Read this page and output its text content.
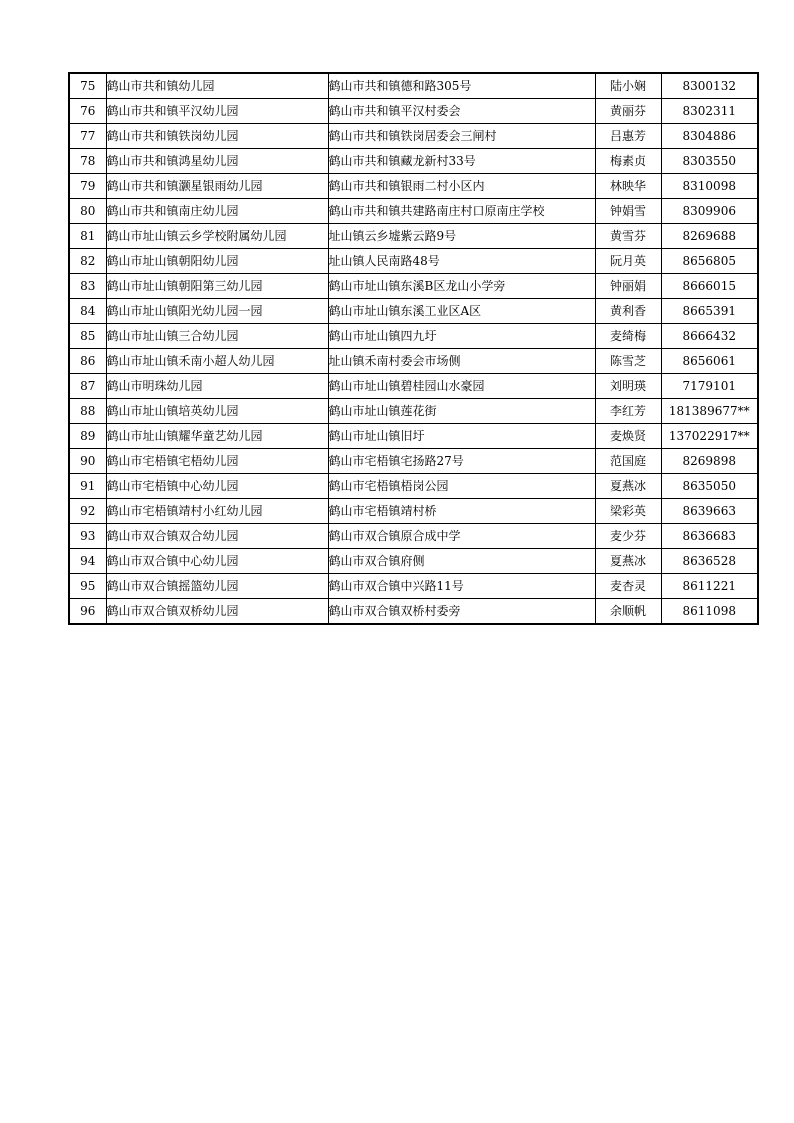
75	鹤山市共和镇幼儿园	鹤山市共和镇德和路305号	陆小娴	8300132
76	鹤山市共和镇平汉幼儿园	鹤山市共和镇平汉村委会	黄丽芬	8302311
77	鹤山市共和镇铁岗幼儿园	鹤山市共和镇铁岗居委会三闸村	吕惠芳	8304886
78	鹤山市共和镇鸿星幼儿园	鹤山市共和镇藏龙新村33号	梅素贞	8303550
79	鹤山市共和镇灏星银雨幼儿园	鹤山市共和镇银雨二村小区内	林映华	8310098
80	鹤山市共和镇南庄幼儿园	鹤山市共和镇共建路南庄村口原南庄学校	钟娟雪	8309906
81	鹤山市址山镇云乡学校附属幼儿园	址山镇云乡墟紫云路9号	黄雪芬	8269688
82	鹤山市址山镇朝阳幼儿园	址山镇人民南路48号	阮月英	8656805
83	鹤山市址山镇朝阳第三幼儿园	鹤山市址山镇东溪B区龙山小学旁	钟丽娟	8666015
84	鹤山市址山镇阳光幼儿园一园	鹤山市址山镇东溪工业区A区	黄利香	8665391
85	鹤山市址山镇三合幼儿园	鹤山市址山镇四九圩	麦绮梅	8666432
86	鹤山市址山镇禾南小超人幼儿园	址山镇禾南村委会市场侧	陈雪芝	8656061
87	鹤山市明珠幼儿园	鹤山市址山镇碧桂园山水豪园	刘明瑛	7179101
88	鹤山市址山镇培英幼儿园	鹤山市址山镇莲花街	李红芳	181389677**
89	鹤山市址山镇耀华童艺幼儿园	鹤山市址山镇旧圩	麦焕贤	137022917**
90	鹤山市宅梧镇宅梧幼儿园	鹤山市宅梧镇宅扬路27号	范国庭	8269898
91	鹤山市宅梧镇中心幼儿园	鹤山市宅梧镇梧岗公园	夏燕冰	8635050
92	鹤山市宅梧镇靖村小红幼儿园	鹤山市宅梧镇靖村桥	梁彩英	8639663
93	鹤山市双合镇双合幼儿园	鹤山市双合镇原合成中学	麦少芬	8636683
94	鹤山市双合镇中心幼儿园	鹤山市双合镇府侧	夏燕冰	8636528
95	鹤山市双合镇摇篮幼儿园	鹤山市双合镇中兴路11号	麦杏灵	8611221
96	鹤山市双合镇双桥幼儿园	鹤山市双合镇双桥村委旁	余顺帆	8611098
